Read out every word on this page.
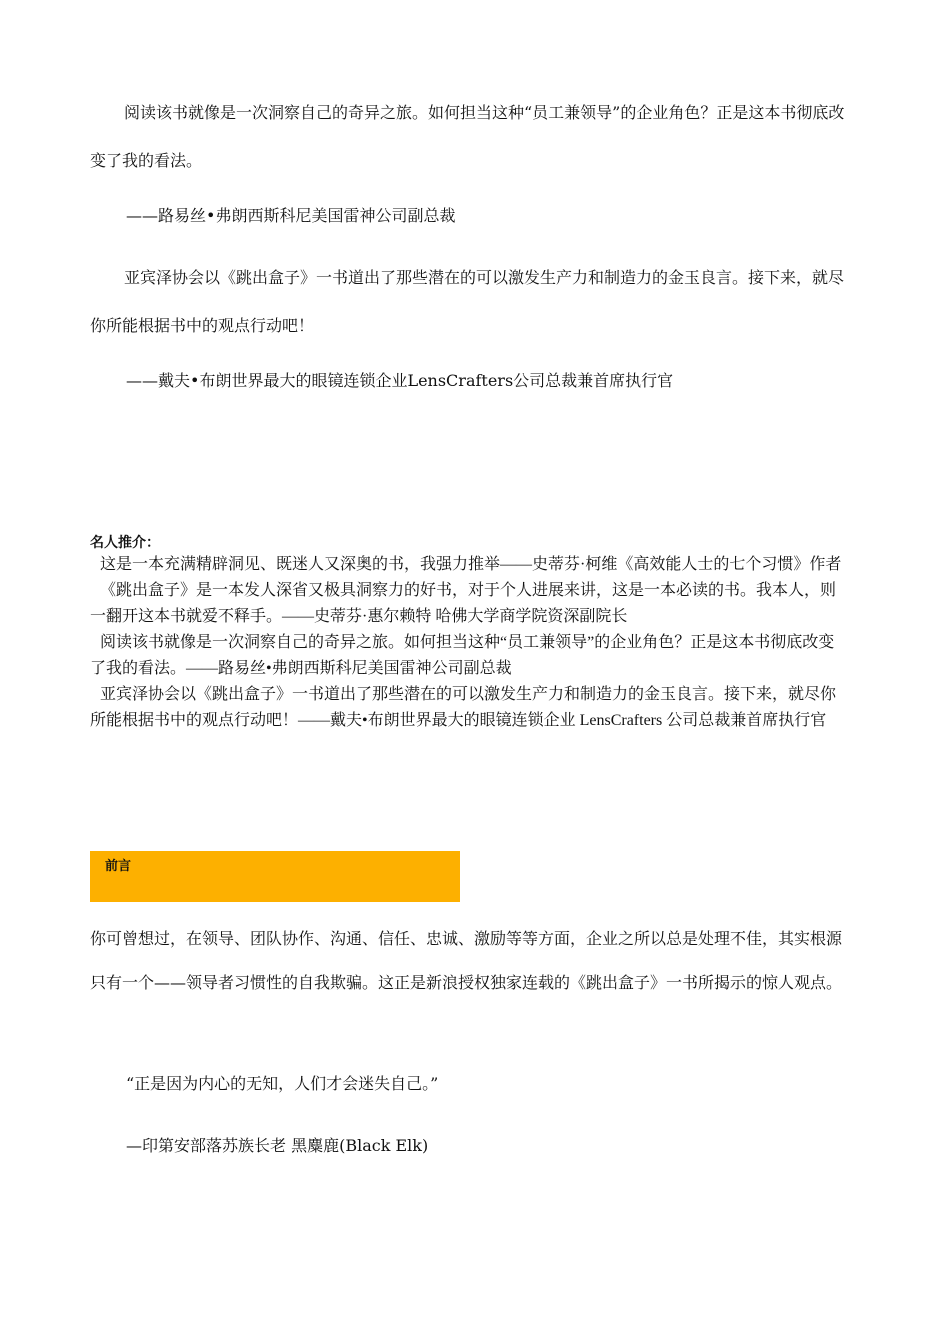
阅读该书就像是一次洞察自己的奇异之旅。如何担当这种“员工兼领导”的企业角色？正是这本书彻底改变了我的看法。

——路易丝•弗朗西斯科尼美国雷神公司副总裁

亚宾泽协会以《跳出盒子》一书道出了那些潜在的可以激发生产力和制造力的金玉良言。接下来，就尽你所能根据书中的观点行动吧！

——戴夫•布朗世界最大的眼镜连锁企业LensCrafters公司总裁兼首席执行官

名人推介：

这是一本充满精辟洞见、既迷人又深奥的书，我强力推举——史蒂芬·柯维《高效能人士的七个习惯》作者

《跳出盒子》是一本发人深省又极具洞察力的好书，对于个人进展来讲，这是一本必读的书。我本人，则一翻开这本书就爱不释手。——史蒂芬·惠尔赖特 哈佛大学商学院资深副院长

阅读该书就像是一次洞察自己的奇异之旅。如何担当这种“员工兼领导”的企业角色？正是这本书彻底改变了我的看法。——路易丝•弗朗西斯科尼美国雷神公司副总裁

亚宾泽协会以《跳出盒子》一书道出了那些潜在的可以激发生产力和制造力的金玉良言。接下来，就尽你所能根据书中的观点行动吧！——戴夫•布朗世界最大的眼镜连锁企业 LensCrafters 公司总裁兼首席执行官

前言

你可曾想过，在领导、团队协作、沟通、信任、忠诚、激励等等方面，企业之所以总是处理不佳，其实根源只有一个——领导者习惯性的自我欺骗。这正是新浪授权独家连载的《跳出盒子》一书所揭示的惊人观点。

“正是因为内心的无知，人们才会迷失自己。”

—印第安部落苏族长老 黑麋鹿(Black Elk)
